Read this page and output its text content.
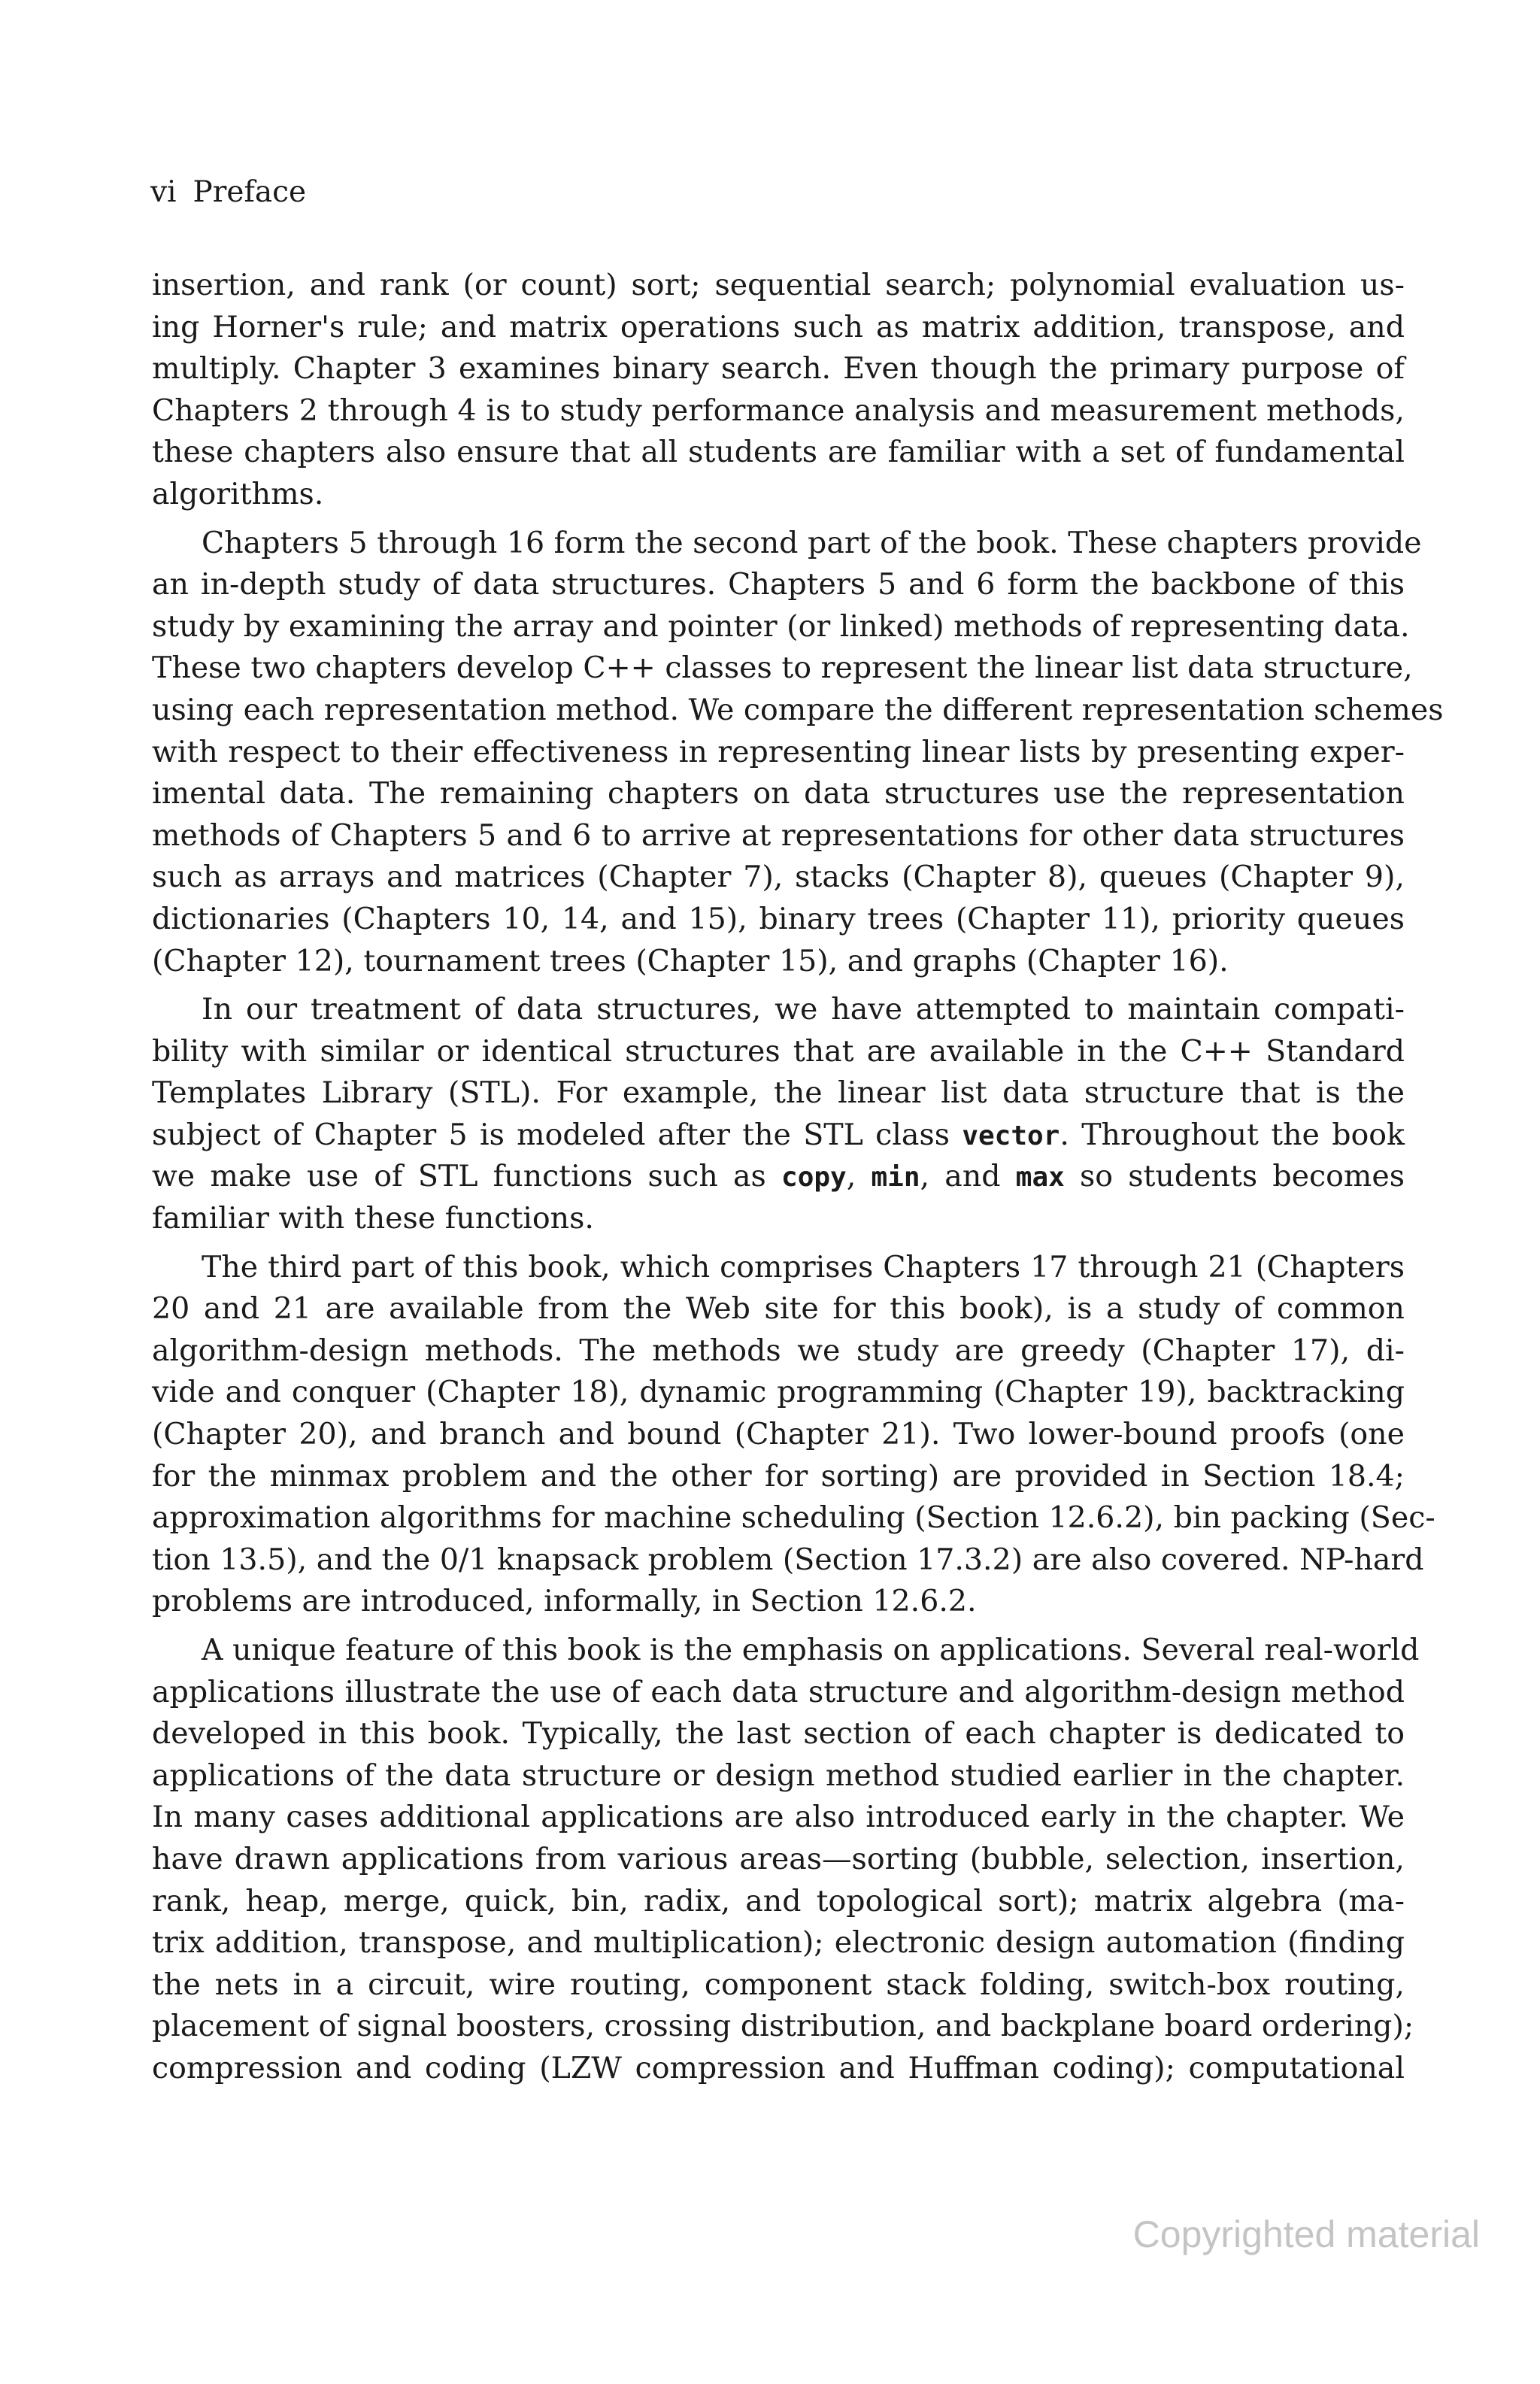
vi Preface
insertion, and rank (or count) sort; sequential search; polynomial evaluation us-
ing Horner's rule; and matrix operations such as matrix addition, transpose, and
multiply. Chapter 3 examines binary search. Even though the primary purpose of
Chapters 2 through 4 is to study performance analysis and measurement methods,
these chapters also ensure that all students are familiar with a set of fundamental
algorithms.
Chapters 5 through 16 form the second part of the book. These chapters provide
an in-depth study of data structures. Chapters 5 and 6 form the backbone of this
study by examining the array and pointer (or linked) methods of representing data.
These two chapters develop C++ classes to represent the linear list data structure,
using each representation method. We compare the different representation schemes
with respect to their effectiveness in representing linear lists by presenting exper-
imental data. The remaining chapters on data structures use the representation
methods of Chapters 5 and 6 to arrive at representations for other data structures
such as arrays and matrices (Chapter 7), stacks (Chapter 8), queues (Chapter 9),
dictionaries (Chapters 10, 14, and 15), binary trees (Chapter 11), priority queues
(Chapter 12), tournament trees (Chapter 15), and graphs (Chapter 16).
In our treatment of data structures, we have attempted to maintain compati-
bility with similar or identical structures that are available in the C++ Standard
Templates Library (STL). For example, the linear list data structure that is the
subject of Chapter 5 is modeled after the STL class vector. Throughout the book
we make use of STL functions such as copy, min, and max so students becomes
familiar with these functions.
The third part of this book, which comprises Chapters 17 through 21 (Chapters
20 and 21 are available from the Web site for this book), is a study of common
algorithm-design methods. The methods we study are greedy (Chapter 17), di-
vide and conquer (Chapter 18), dynamic programming (Chapter 19), backtracking
(Chapter 20), and branch and bound (Chapter 21). Two lower-bound proofs (one
for the minmax problem and the other for sorting) are provided in Section 18.4;
approximation algorithms for machine scheduling (Section 12.6.2), bin packing (Sec-
tion 13.5), and the 0/1 knapsack problem (Section 17.3.2) are also covered. NP-hard
problems are introduced, informally, in Section 12.6.2.
A unique feature of this book is the emphasis on applications. Several real-world
applications illustrate the use of each data structure and algorithm-design method
developed in this book. Typically, the last section of each chapter is dedicated to
applications of the data structure or design method studied earlier in the chapter.
In many cases additional applications are also introduced early in the chapter. We
have drawn applications from various areas—sorting (bubble, selection, insertion,
rank, heap, merge, quick, bin, radix, and topological sort); matrix algebra (ma-
trix addition, transpose, and multiplication); electronic design automation (finding
the nets in a circuit, wire routing, component stack folding, switch-box routing,
placement of signal boosters, crossing distribution, and backplane board ordering);
compression and coding (LZW compression and Huffman coding); computational
Copyrighted material
